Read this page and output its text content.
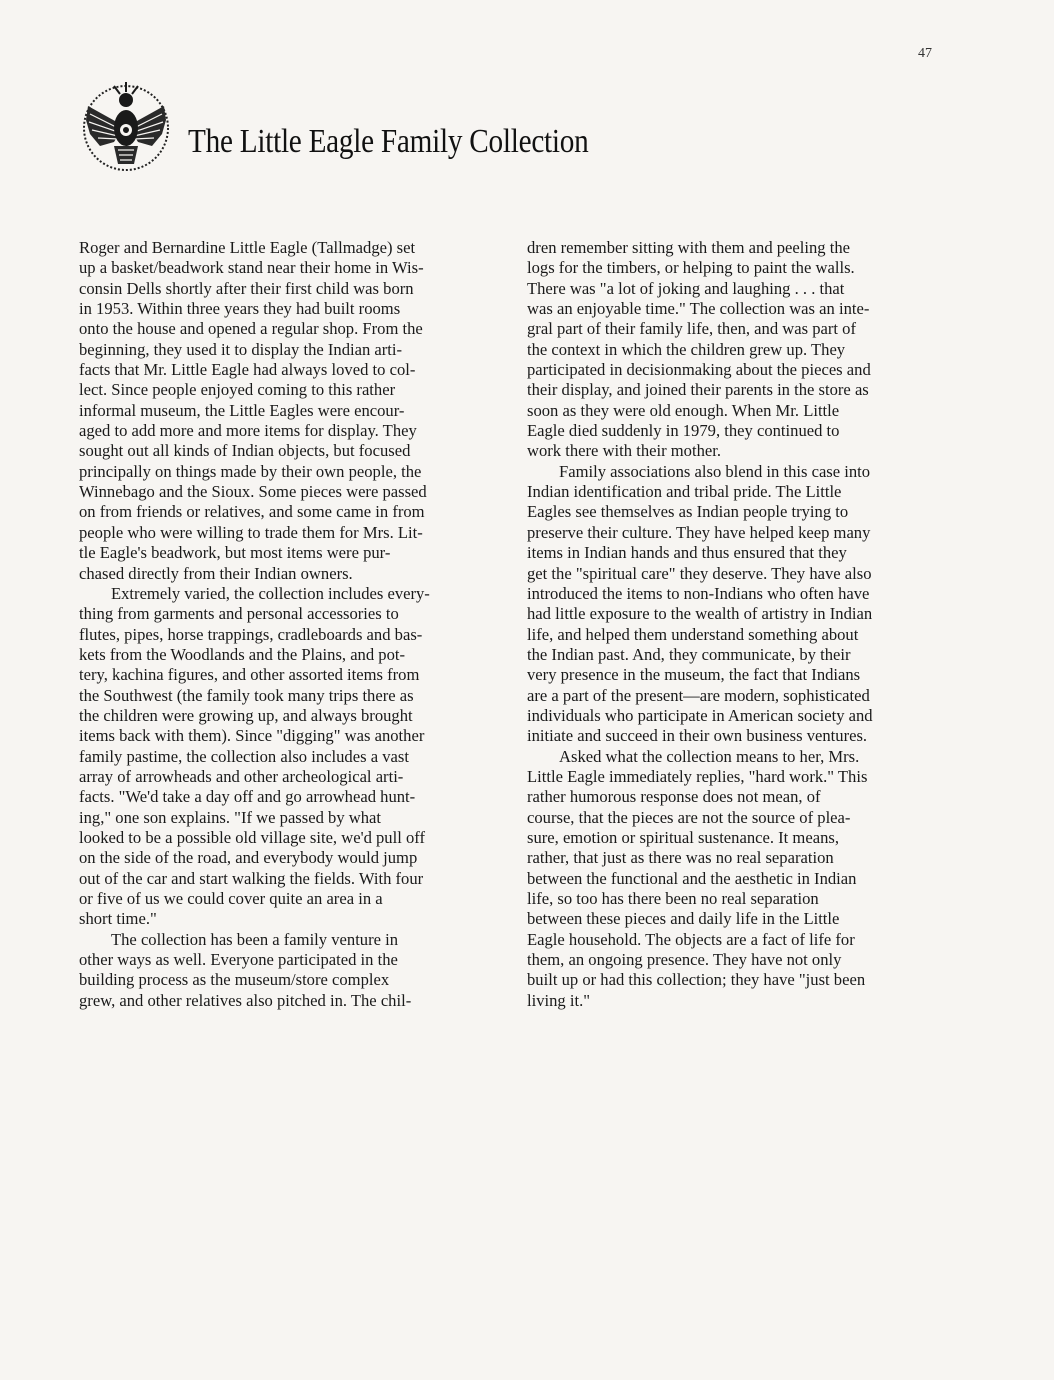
47
The Little Eagle Family Collection
Roger and Bernardine Little Eagle (Tallmadge) set
up a basket/beadwork stand near their home in Wis-
consin Dells shortly after their first child was born
in 1953. Within three years they had built rooms
onto the house and opened a regular shop. From the
beginning, they used it to display the Indian arti-
facts that Mr. Little Eagle had always loved to col-
lect. Since people enjoyed coming to this rather
informal museum, the Little Eagles were encour-
aged to add more and more items for display. They
sought out all kinds of Indian objects, but focused
principally on things made by their own people, the
Winnebago and the Sioux. Some pieces were passed
on from friends or relatives, and some came in from
people who were willing to trade them for Mrs. Lit-
tle Eagle's beadwork, but most items were pur-
chased directly from their Indian owners.
Extremely varied, the collection includes every-
thing from garments and personal accessories to
flutes, pipes, horse trappings, cradleboards and bas-
kets from the Woodlands and the Plains, and pot-
tery, kachina figures, and other assorted items from
the Southwest (the family took many trips there as
the children were growing up, and always brought
items back with them). Since "digging" was another
family pastime, the collection also includes a vast
array of arrowheads and other archeological arti-
facts. "We'd take a day off and go arrowhead hunt-
ing," one son explains. "If we passed by what
looked to be a possible old village site, we'd pull off
on the side of the road, and everybody would jump
out of the car and start walking the fields. With four
or five of us we could cover quite an area in a
short time."
The collection has been a family venture in
other ways as well. Everyone participated in the
building process as the museum/store complex
grew, and other relatives also pitched in. The chil-
dren remember sitting with them and peeling the
logs for the timbers, or helping to paint the walls.
There was "a lot of joking and laughing . . . that
was an enjoyable time." The collection was an inte-
gral part of their family life, then, and was part of
the context in which the children grew up. They
participated in decisionmaking about the pieces and
their display, and joined their parents in the store as
soon as they were old enough. When Mr. Little
Eagle died suddenly in 1979, they continued to
work there with their mother.
Family associations also blend in this case into
Indian identification and tribal pride. The Little
Eagles see themselves as Indian people trying to
preserve their culture. They have helped keep many
items in Indian hands and thus ensured that they
get the "spiritual care" they deserve. They have also
introduced the items to non-Indians who often have
had little exposure to the wealth of artistry in Indian
life, and helped them understand something about
the Indian past. And, they communicate, by their
very presence in the museum, the fact that Indians
are a part of the present—are modern, sophisticated
individuals who participate in American society and
initiate and succeed in their own business ventures.
Asked what the collection means to her, Mrs.
Little Eagle immediately replies, "hard work." This
rather humorous response does not mean, of
course, that the pieces are not the source of plea-
sure, emotion or spiritual sustenance. It means,
rather, that just as there was no real separation
between the functional and the aesthetic in Indian
life, so too has there been no real separation
between these pieces and daily life in the Little
Eagle household. The objects are a fact of life for
them, an ongoing presence. They have not only
built up or had this collection; they have "just been
living it."
